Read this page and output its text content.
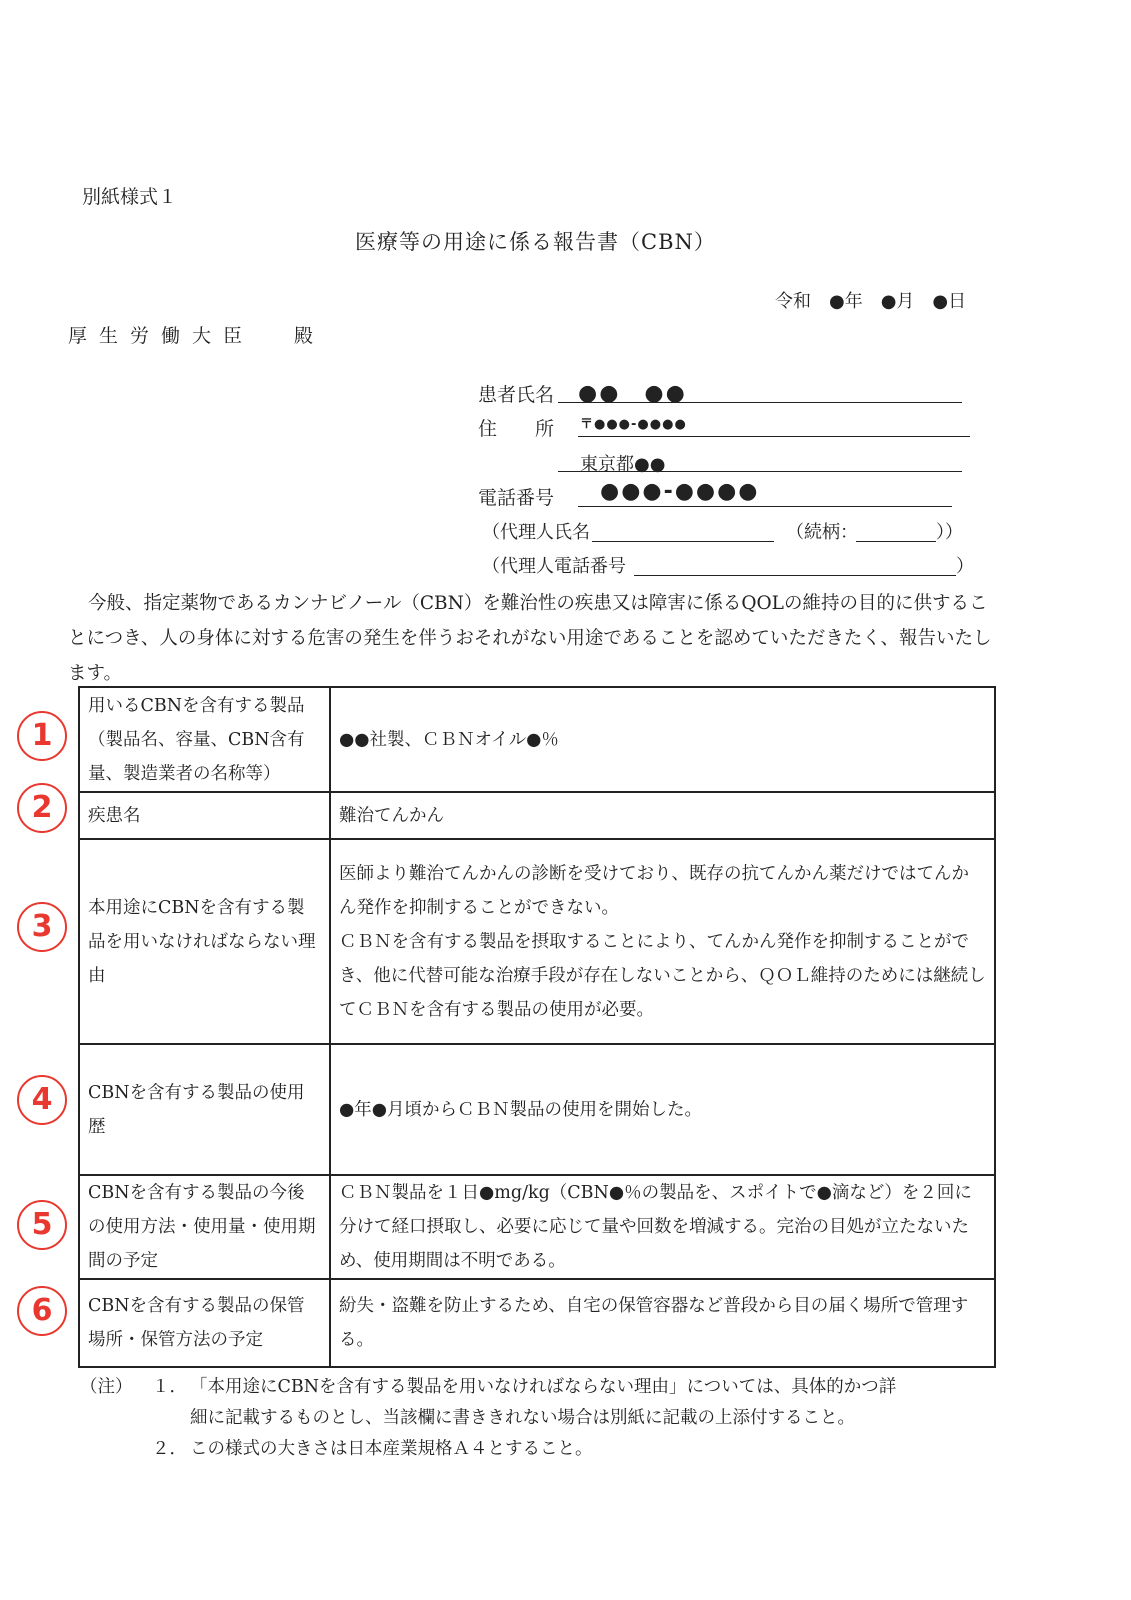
別紙様式１
医療等の用途に係る報告書（CBN）
令和　●年　●月　●日
厚生労働大臣 殿
患者氏名 ●●　●●
住　　所 〒●●●-●●●●
東京都●●
電話番号 ●●●-●●●●
（代理人氏名	（続柄：	））
（代理人電話番号	）
今般、指定薬物であるカンナビノール（CBN）を難治性の疾患又は障害に係るQOLの維持の目的に供することにつき、人の身体に対する危害の発生を伴うおそれがない用途であることを認めていただきたく、報告いたします。
用いるCBNを含有する製品（製品名、容量、CBN含有量、製造業者の名称等）	●●社製、ＣＢＮオイル●％
疾患名	難治てんかん
本用途にCBNを含有する製品を用いなければならない理由	医師より難治てんかんの診断を受けており、既存の抗てんかん薬だけではてんかん発作を抑制することができない。
ＣＢＮを含有する製品を摂取することにより、てんかん発作を抑制することができ、他に代替可能な治療手段が存在しないことから、ＱＯＬ維持のためには継続してＣＢＮを含有する製品の使用が必要。

CBNを含有する製品の使用歴	●年●月頃からＣＢＮ製品の使用を開始した。
CBNを含有する製品の今後の使用方法・使用量・使用期間の予定	ＣＢＮ製品を１日●mg/kg（CBN●％の製品を、スポイトで●滴など）を２回に分けて経口摂取し、必要に応じて量や回数を増減する。完治の目処が立たないため、使用期間は不明である。
CBNを含有する製品の保管場所・保管方法の予定	紛失・盗難を防止するため、自宅の保管容器など普段から目の届く場所で管理する。
1
2
3
4
5
6
（注） １． 「本用途にCBNを含有する製品を用いなければならない理由」については、具体的かつ詳
細に記載するものとし、当該欄に書ききれない場合は別紙に記載の上添付すること。
２． この様式の大きさは日本産業規格Ａ４とすること。
